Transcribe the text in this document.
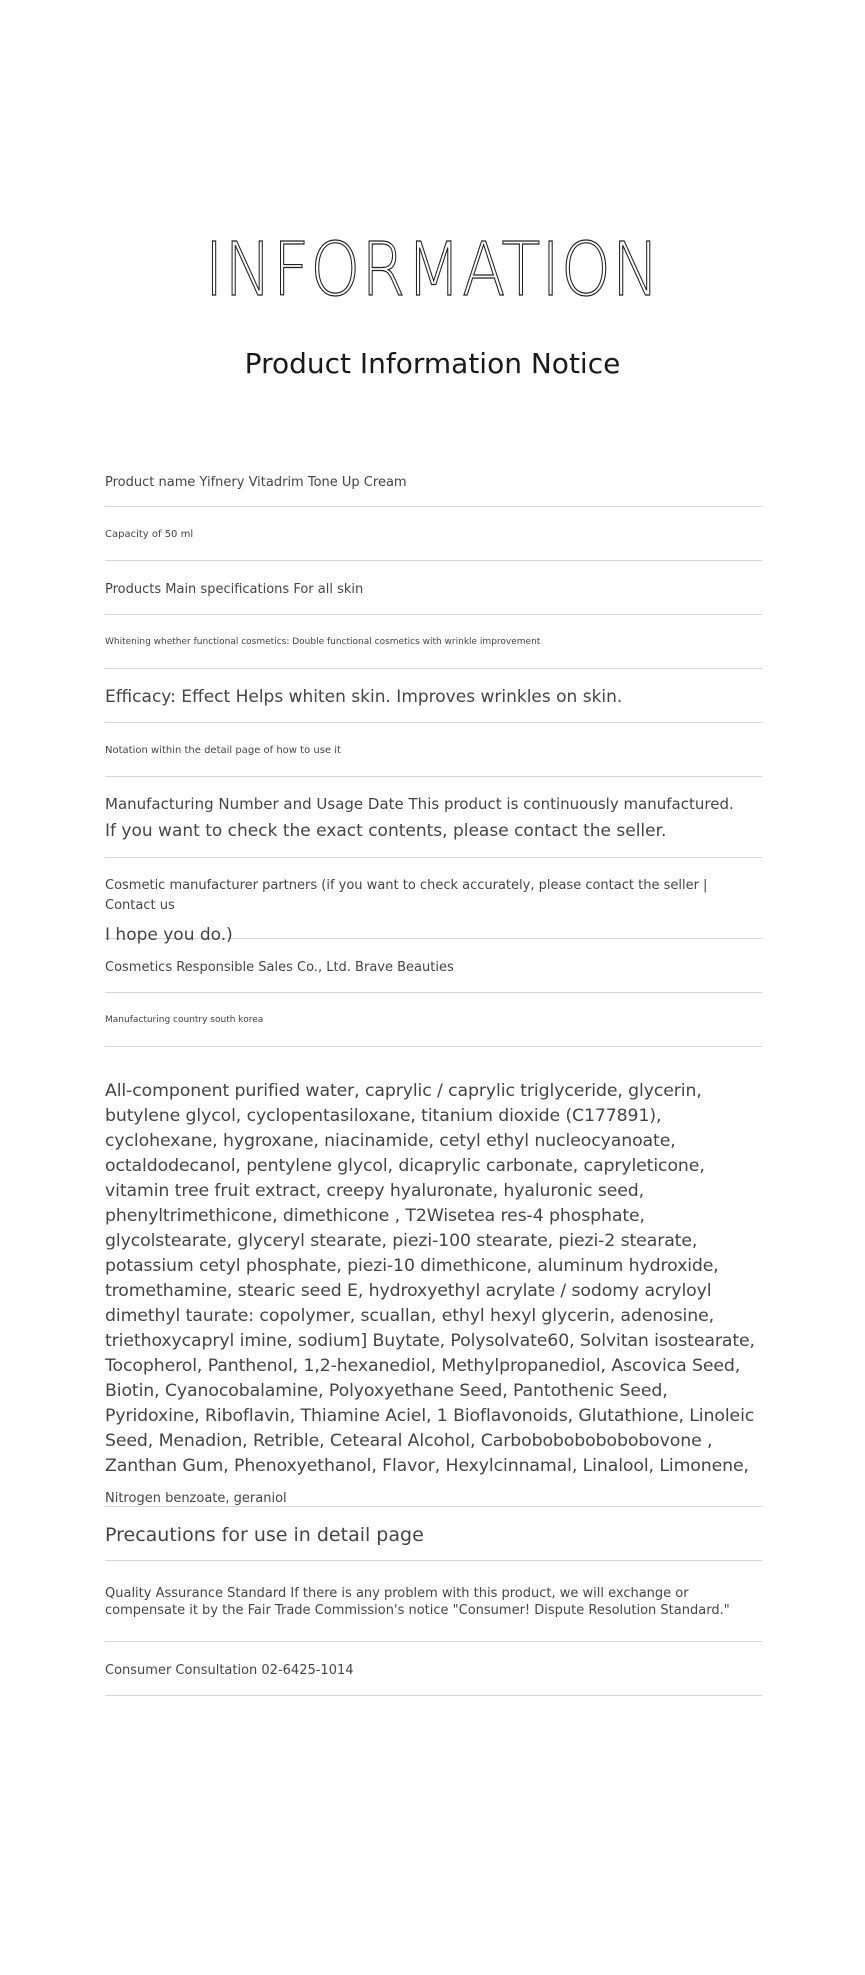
INFORMATION
Product Information Notice
Product name Yifnery Vitadrim Tone Up Cream
Capacity of 50 ml
Products Main specifications For all skin
Whitening whether functional cosmetics: Double functional cosmetics with wrinkle improvement
Efficacy: Effect Helps whiten skin. Improves wrinkles on skin.
Notation within the detail page of how to use it
Manufacturing Number and Usage Date This product is continuously manufactured.
If you want to check the exact contents, please contact the seller.
Cosmetic manufacturer partners (if you want to check accurately, please contact the seller | Contact us
I hope you do.)
Cosmetics Responsible Sales Co., Ltd. Brave Beauties
Manufacturing country south korea
All-component purified water, caprylic / caprylic triglyceride, glycerin, butylene glycol, cyclopentasiloxane, titanium dioxide (C177891), cyclohexane, hygroxane, niacinamide, cetyl ethyl nucleocyanoate, octaldodecanol, pentylene glycol, dicaprylic carbonate, capryleticone, vitamin tree fruit extract, creepy hyaluronate, hyaluronic seed, phenyltrimethicone, dimethicone , T2Wisetea res-4 phosphate, glycolstearate, glyceryl stearate, piezi-100 stearate, piezi-2 stearate, potassium cetyl phosphate, piezi-10 dimethicone, aluminum hydroxide, tromethamine, stearic seed E, hydroxyethyl acrylate / sodomy acryloyl dimethyl taurate: copolymer, scuallan, ethyl hexyl glycerin, adenosine, triethoxycapryl imine, sodium] Buytate, Polysolvate60, Solvitan isostearate, Tocopherol, Panthenol, 1,2-hexanediol, Methylpropanediol, Ascovica Seed, Biotin, Cyanocobalamine, Polyoxyethane Seed, Pantothenic Seed, Pyridoxine, Riboflavin, Thiamine Aciel, 1 Bioflavonoids, Glutathione, Linoleic Seed, Menadion, Retrible, Cetearal Alcohol, Carbobobobobobobovone , Zanthan Gum, Phenoxyethanol, Flavor, Hexylcinnamal, Linalool, Limonene,
Nitrogen benzoate, geraniol
Precautions for use in detail page
Quality Assurance Standard If there is any problem with this product, we will exchange or compensate it by the Fair Trade Commission's notice "Consumer! Dispute Resolution Standard."
Consumer Consultation 02-6425-1014
